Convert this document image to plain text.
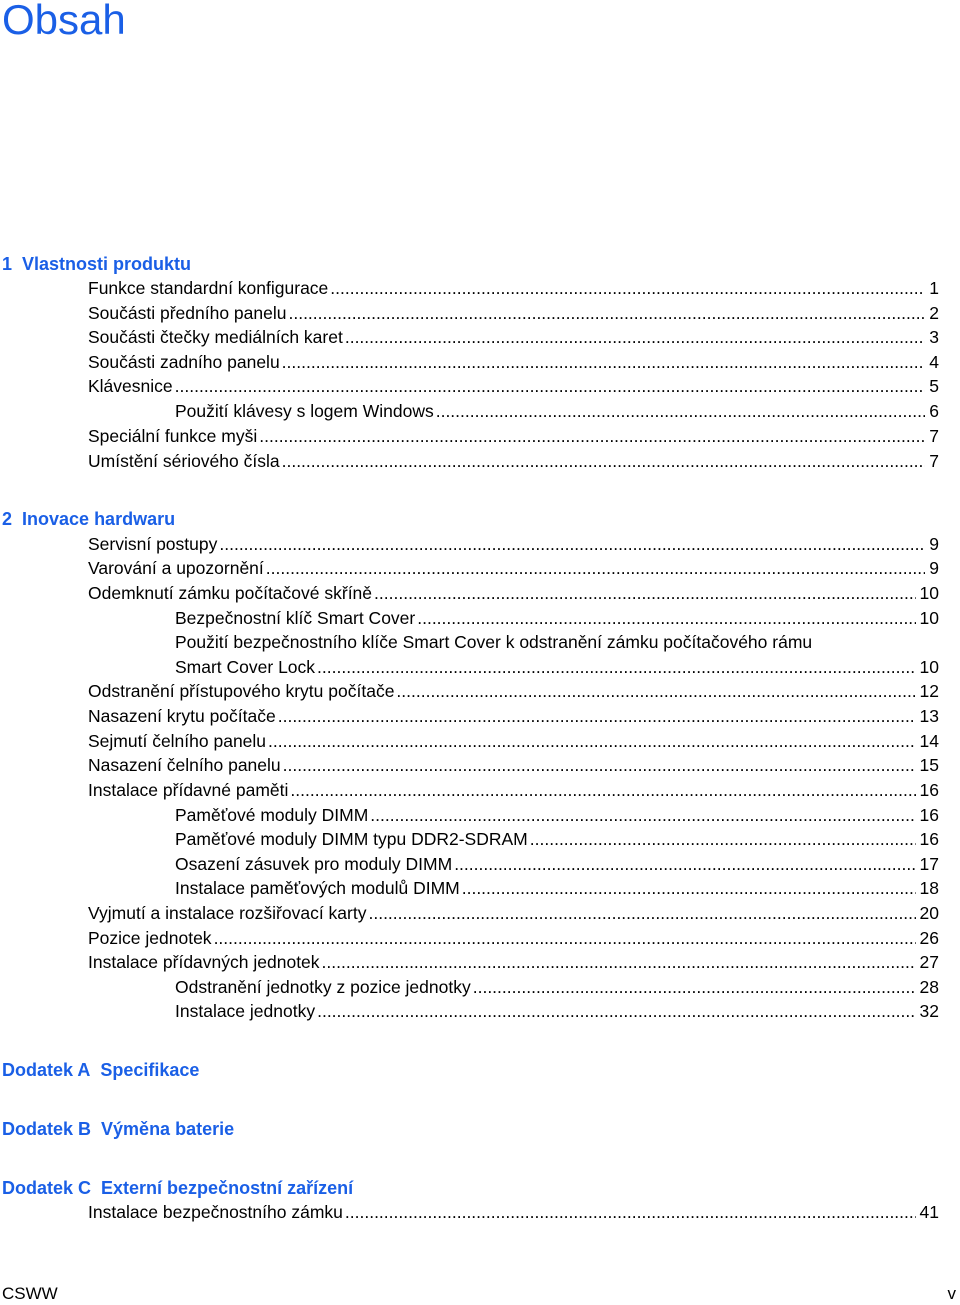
Obsah
1 Vlastnosti produktu
Funkce standardní konfigurace .....	1
Součásti předního panelu .....	2
Součásti čtečky mediálních karet .....	3
Součásti zadního panelu .....	4
Klávesnice .....	5
Použití klávesy s logem Windows .....	6
Speciální funkce myši .....	7
Umístění sériového čísla .....	7
2 Inovace hardwaru
Servisní postupy .....	9
Varování a upozornění .....	9
Odemknutí zámku počítačové skříně .....	10
Bezpečnostní klíč Smart Cover .....	10
Použití bezpečnostního klíče Smart Cover k odstranění zámku počítačového rámu
Smart Cover Lock .....	10
Odstranění přístupového krytu počítače .....	12
Nasazení krytu počítače .....	13
Sejmutí čelního panelu .....	14
Nasazení čelního panelu .....	15
Instalace přídavné paměti .....	16
Paměťové moduly DIMM .....	16
Paměťové moduly DIMM typu DDR2-SDRAM .....	16
Osazení zásuvek pro moduly DIMM .....	17
Instalace paměťových modulů DIMM .....	18
Vyjmutí a instalace rozšiřovací karty .....	20
Pozice jednotek .....	26
Instalace přídavných jednotek .....	27
Odstranění jednotky z pozice jednotky .....	28
Instalace jednotky .....	32
Dodatek A Specifikace
Dodatek B Výměna baterie
Dodatek C Externí bezpečnostní zařízení
Instalace bezpečnostního zámku .....	41
CSWW	v
